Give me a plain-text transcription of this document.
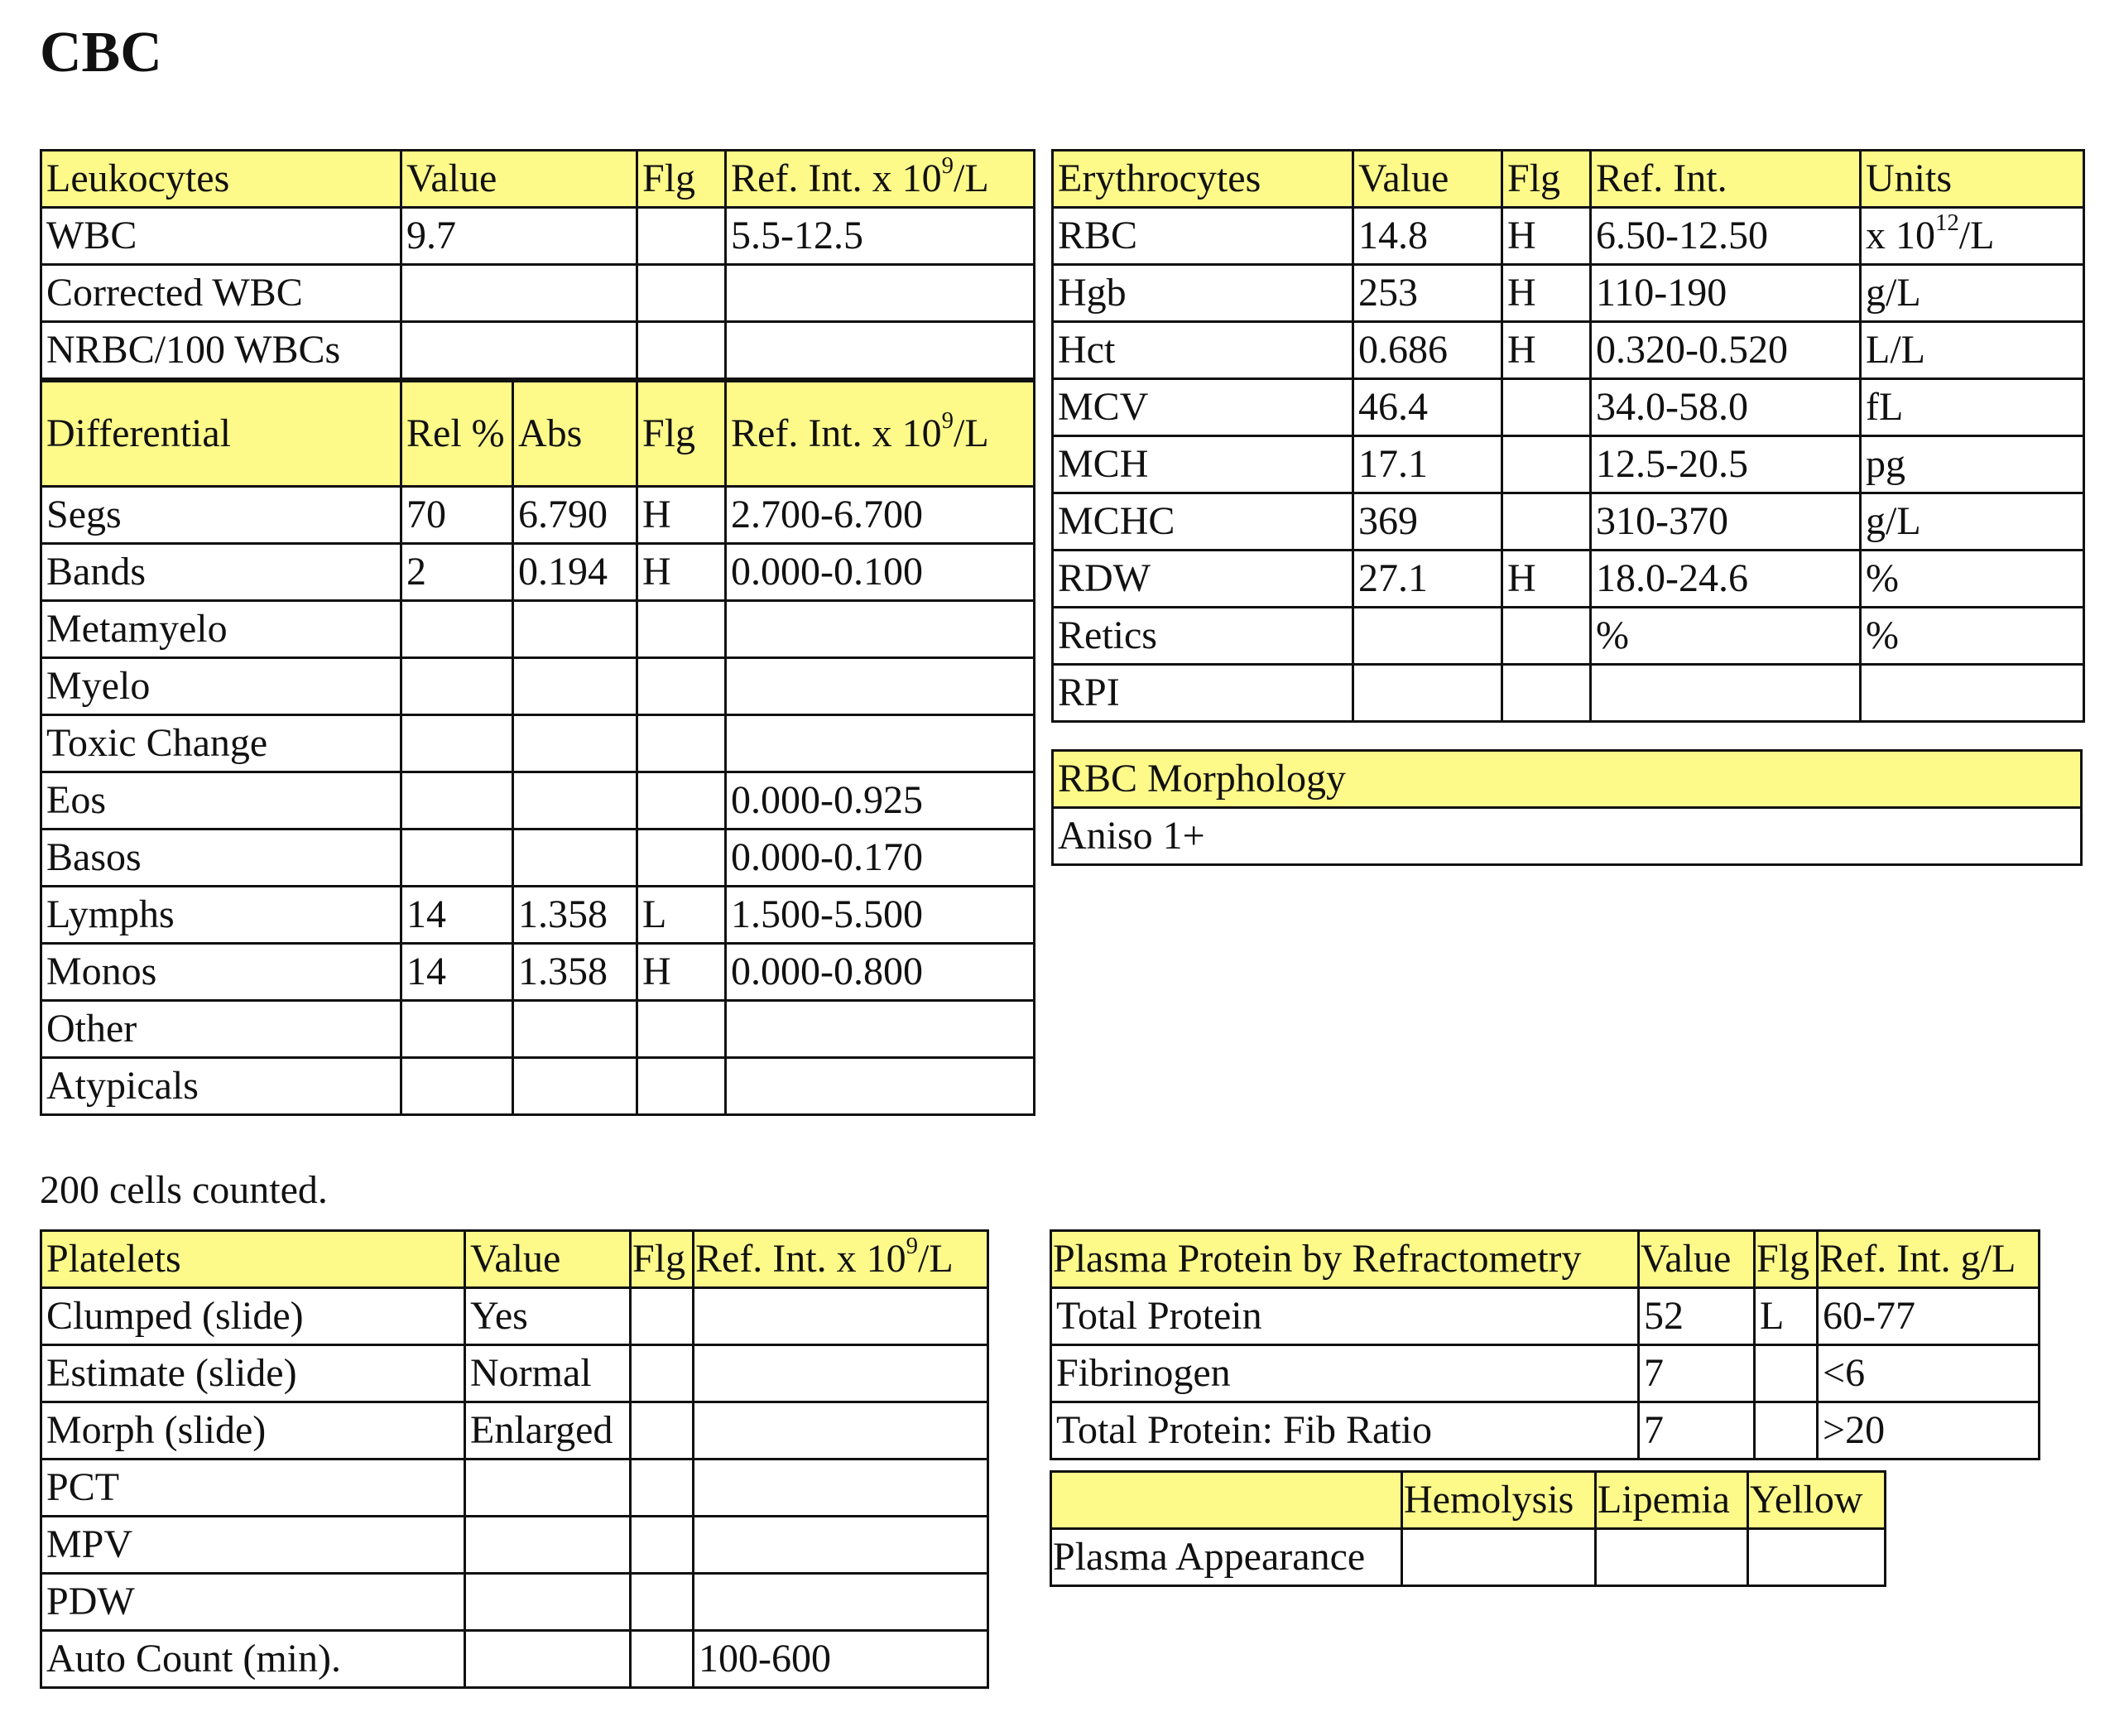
CBC
Leukocytes	Value		Flg	Ref. Int. x $10^9/L$
WBC	9.7			5.5-12.5
Corrected WBC				
NRBC/100 WBCs				
Differential	Rel %	Abs	Flg	Ref. Int. x $10^9/L$
Segs	70	6.790	H	2.700-6.700
Bands	2	0.194	H	0.000-0.100
Metamyelo				
Myelo				
Toxic Change				
Eos				0.000-0.925
Basos				0.000-0.170
Lymphs	14	1.358	L	1.500-5.500
Monos	14	1.358	H	0.000-0.800
Other				
Atypicals				

200 cells counted.

Erythrocytes	Value	Flg	Ref. Int.	Units
RBC	14.8	H	6.50-12.50	x $10^{12}/L$
Hgb	253	H	110-190	g/L
Hct	0.686	H	0.320-0.520	L/L
MCV	46.4		34.0-58.0	fL
MCH	17.1		12.5-20.5	pg
MCHC	369		310-370	g/L
RDW	27.1	H	18.0-24.6	%
Retics			%	%
RPI				
RBC Morphology
Aniso 1+
Platelets	Value	Flg	Ref. Int. x $10^9/L$
Clumped (slide)	Yes		
Estimate (slide)	Normal		
Morph (slide)	Enlarged		
PCT			
MPV			
PDW			
Auto Count (min).			100-600
Plasma Protein by Refractometry	Value	Flg	Ref. Int. g/L
Total Protein	52	L	60-77
Fibrinogen	7		<6
Total Protein: Fib Ratio	7		>20
	Hemolysis	Lipemia	Yellow
Plasma Appearance			
